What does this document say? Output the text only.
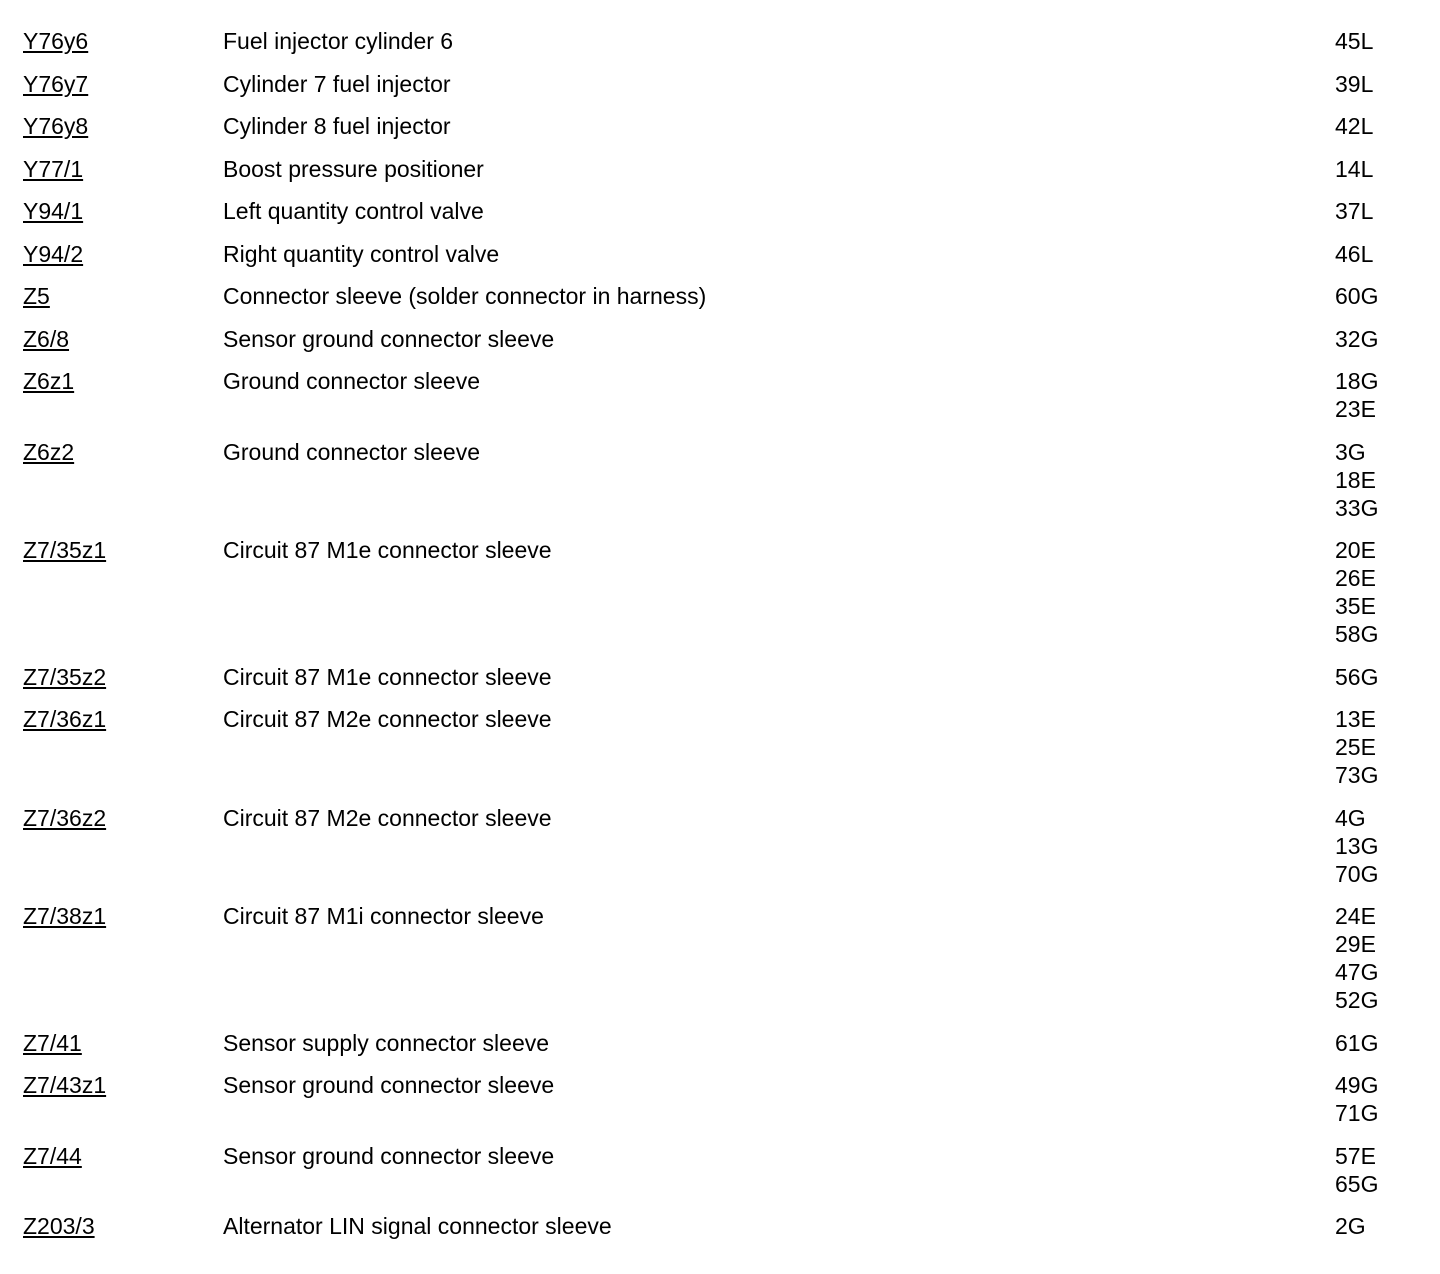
Y76y6	Fuel injector cylinder 6	45L
Y76y7	Cylinder 7 fuel injector	39L
Y76y8	Cylinder 8 fuel injector	42L
Y77/1	Boost pressure positioner	14L
Y94/1	Left quantity control valve	37L
Y94/2	Right quantity control valve	46L
Z5	Connector sleeve (solder connector in harness)	60G
Z6/8	Sensor ground connector sleeve	32G
Z6z1	Ground connector sleeve	18G
23E
Z6z2	Ground connector sleeve	3G
18E
33G
Z7/35z1	Circuit 87 M1e connector sleeve	20E
26E
35E
58G
Z7/35z2	Circuit 87 M1e connector sleeve	56G
Z7/36z1	Circuit 87 M2e connector sleeve	13E
25E
73G
Z7/36z2	Circuit 87 M2e connector sleeve	4G
13G
70G
Z7/38z1	Circuit 87 M1i connector sleeve	24E
29E
47G
52G
Z7/41	Sensor supply connector sleeve	61G
Z7/43z1	Sensor ground connector sleeve	49G
71G
Z7/44	Sensor ground connector sleeve	57E
65G
Z203/3	Alternator LIN signal connector sleeve	2G
